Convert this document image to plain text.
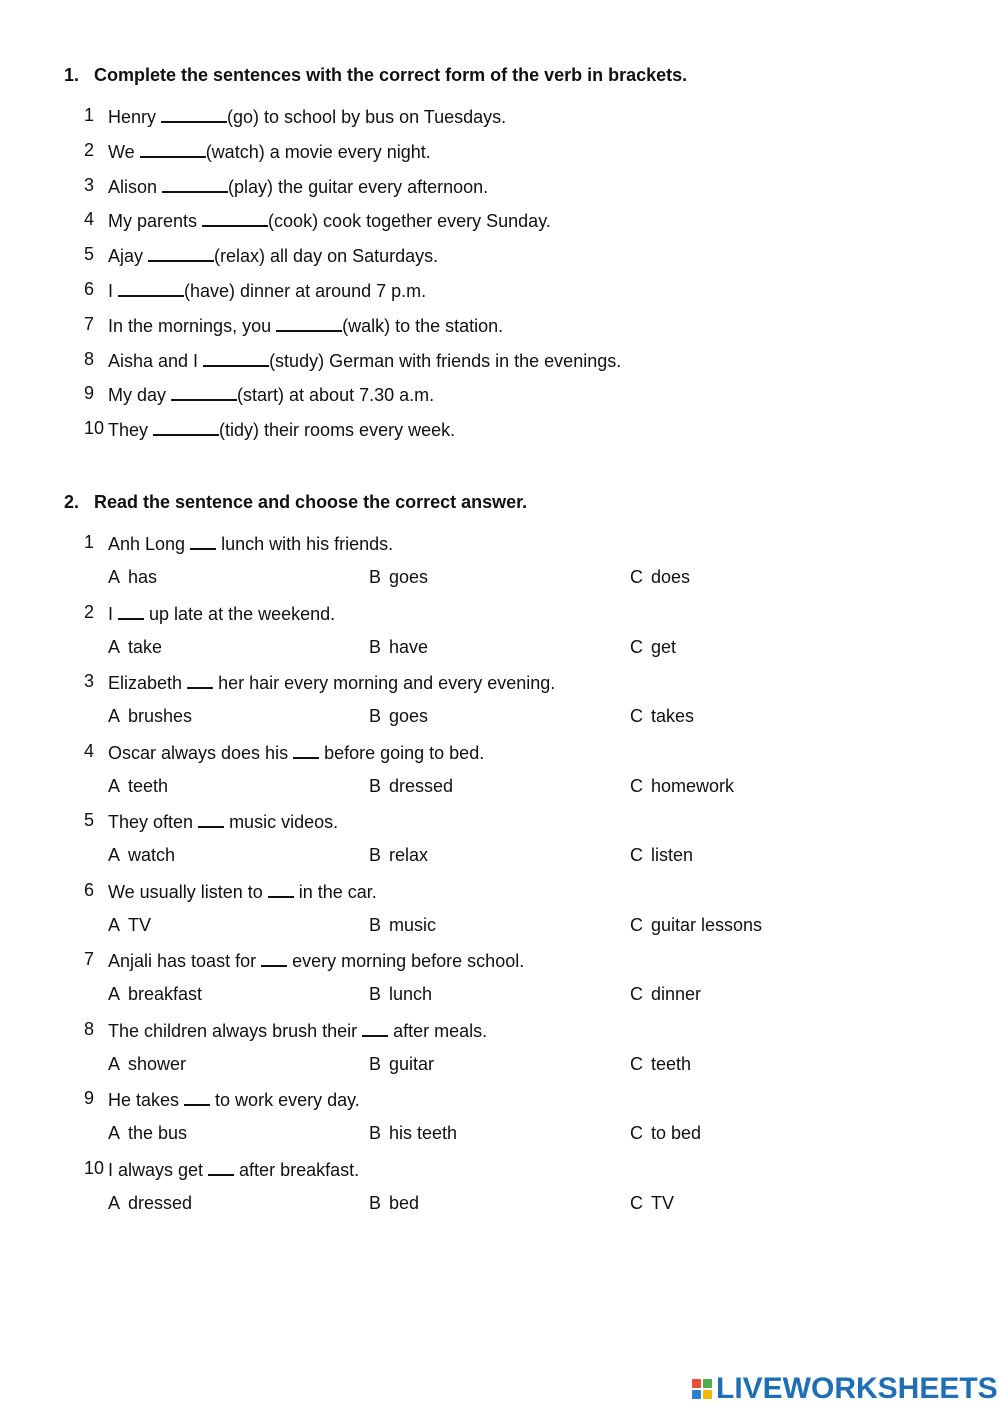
1. Complete the sentences with the correct form of the verb in brackets.
1 Henry	(go) to school by bus on Tuesdays.
2 We	(watch) a movie every night.
3 Alison	(play) the guitar every afternoon.
4 My parents	(cook) cook together every Sunday.
5 Ajay	(relax) all day on Saturdays.
6 I	(have) dinner at around 7 p.m.
7 In the mornings, you	(walk) to the station.
8 Aisha and I	(study) German with friends in the evenings.
9 My day	(start) at about 7.30 a.m.
10 They	(tidy) their rooms every week.
2. Read the sentence and choose the correct answer.
1 Anh Long  lunch with his friends.
A has	B goes	C does
2 I  up late at the weekend.
A take	B have	C get
3 Elizabeth  her hair every morning and every evening.
A brushes	B goes	C takes
4 Oscar always does his  before going to bed.
A teeth	B dressed	C homework
5 They often  music videos.
A watch	B relax	C listen
6 We usually listen to  in the car.
A TV	B music	C guitar lessons
7 Anjali has toast for  every morning before school.
A breakfast	B lunch	C dinner
8 The children always brush their  after meals.
A shower	B guitar	C teeth
9 He takes  to work every day.
A the bus	B his teeth	C to bed
10 I always get  after breakfast.
A dressed	B bed	C TV
LIVEWORKSHEETS
